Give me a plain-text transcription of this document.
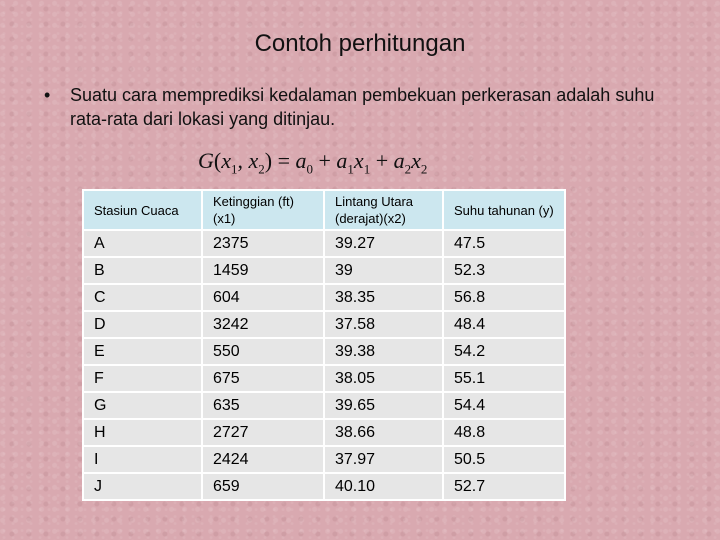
Contoh perhitungan
•	Suatu cara memprediksi kedalaman pembekuan perkerasan adalah suhu rata-rata dari lokasi yang ditinjau.
$G(x_1$, $x_2) = a_0 + a_1x_1 + a_2x_2$
Stasiun Cuaca	Ketinggian (ft) (x1)	Lintang Utara (derajat)(x2)	Suhu tahunan (y)
A	2375	39.27	47.5
B	1459	39	52.3
C	604	38.35	56.8
D	3242	37.58	48.4
E	550	39.38	54.2
F	675	38.05	55.1
G	635	39.65	54.4
H	2727	38.66	48.8
I	2424	37.97	50.5
J	659	40.10	52.7
